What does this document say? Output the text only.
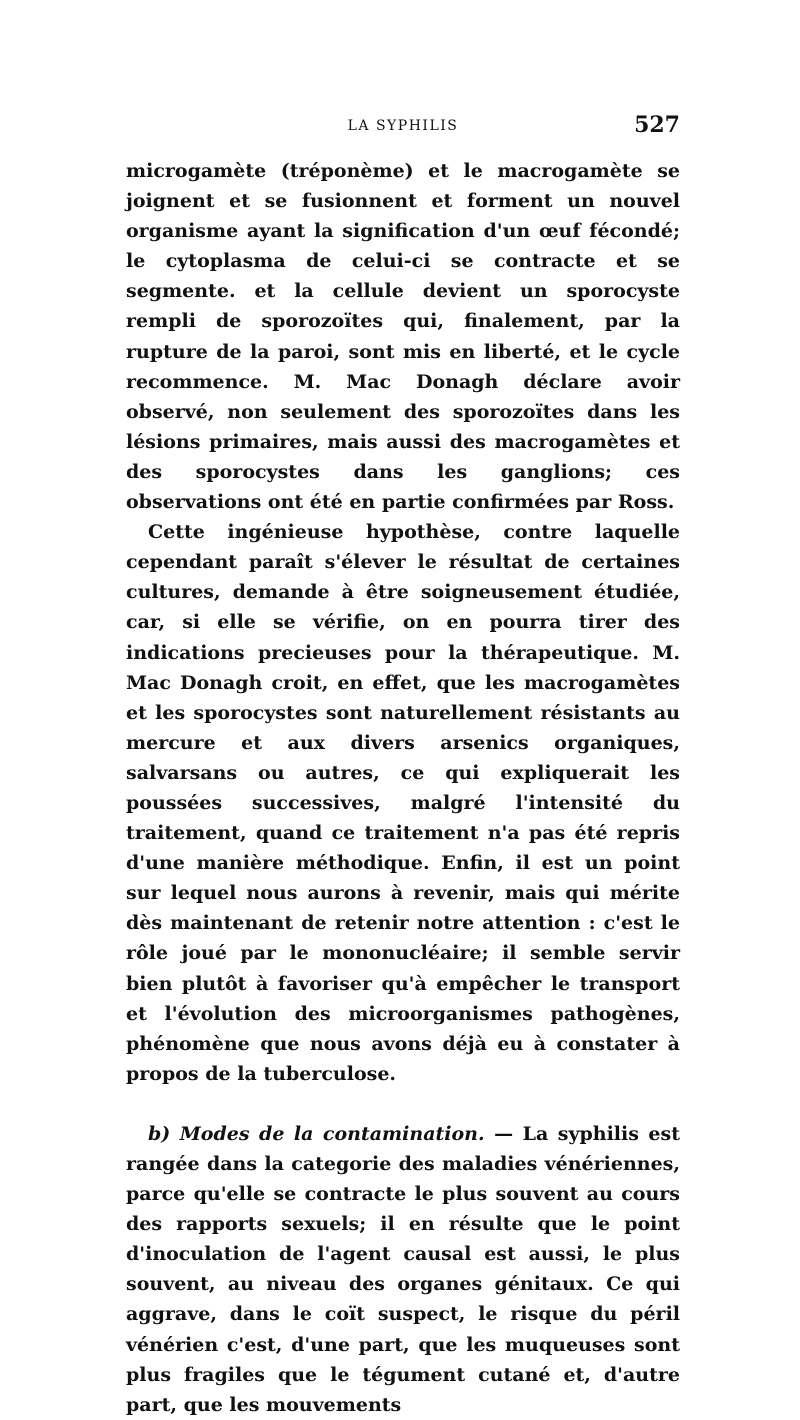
LA SYPHILIS	527

microgamète (tréponème) et le macrogamète se joignent et se fusionnent et forment un nouvel organisme ayant la signification d'un œuf fécondé; le cytoplasma de celui-ci se contracte et se segmente. et la cellule devient un sporocyste rempli de sporozoïtes qui, finalement, par la rupture de la paroi, sont mis en liberté, et le cycle recommence. M. Mac Donagh déclare avoir observé, non seulement des sporozoïtes dans les lésions primaires, mais aussi des macrogamètes et des sporocystes dans les ganglions; ces observations ont été en partie confirmées par Ross.

Cette ingénieuse hypothèse, contre laquelle cependant paraît s'élever le résultat de certaines cultures, demande à être soigneusement étudiée, car, si elle se vérifie, on en pourra tirer des indications precieuses pour la thérapeutique. M. Mac Donagh croit, en effet, que les macrogamètes et les sporocystes sont naturellement résistants au mercure et aux divers arsenics organiques, salvarsans ou autres, ce qui expliquerait les poussées successives, malgré l'intensité du traitement, quand ce traitement n'a pas été repris d'une manière méthodique. Enfin, il est un point sur lequel nous aurons à revenir, mais qui mérite dès maintenant de retenir notre attention : c'est le rôle joué par le mononucléaire; il semble servir bien plutôt à favoriser qu'à empêcher le transport et l'évolution des microorganismes pathogènes, phénomène que nous avons déjà eu à constater à propos de la tuberculose.

b) Modes de la contamination. — La syphilis est rangée dans la categorie des maladies vénériennes, parce qu'elle se contracte le plus souvent au cours des rapports sexuels; il en résulte que le point d'inoculation de l'agent causal est aussi, le plus souvent, au niveau des organes génitaux. Ce qui aggrave, dans le coït suspect, le risque du péril vénérien c'est, d'une part, que les muqueuses sont plus fragiles que le tégument cutané et, d'autre part, que les mouvements
